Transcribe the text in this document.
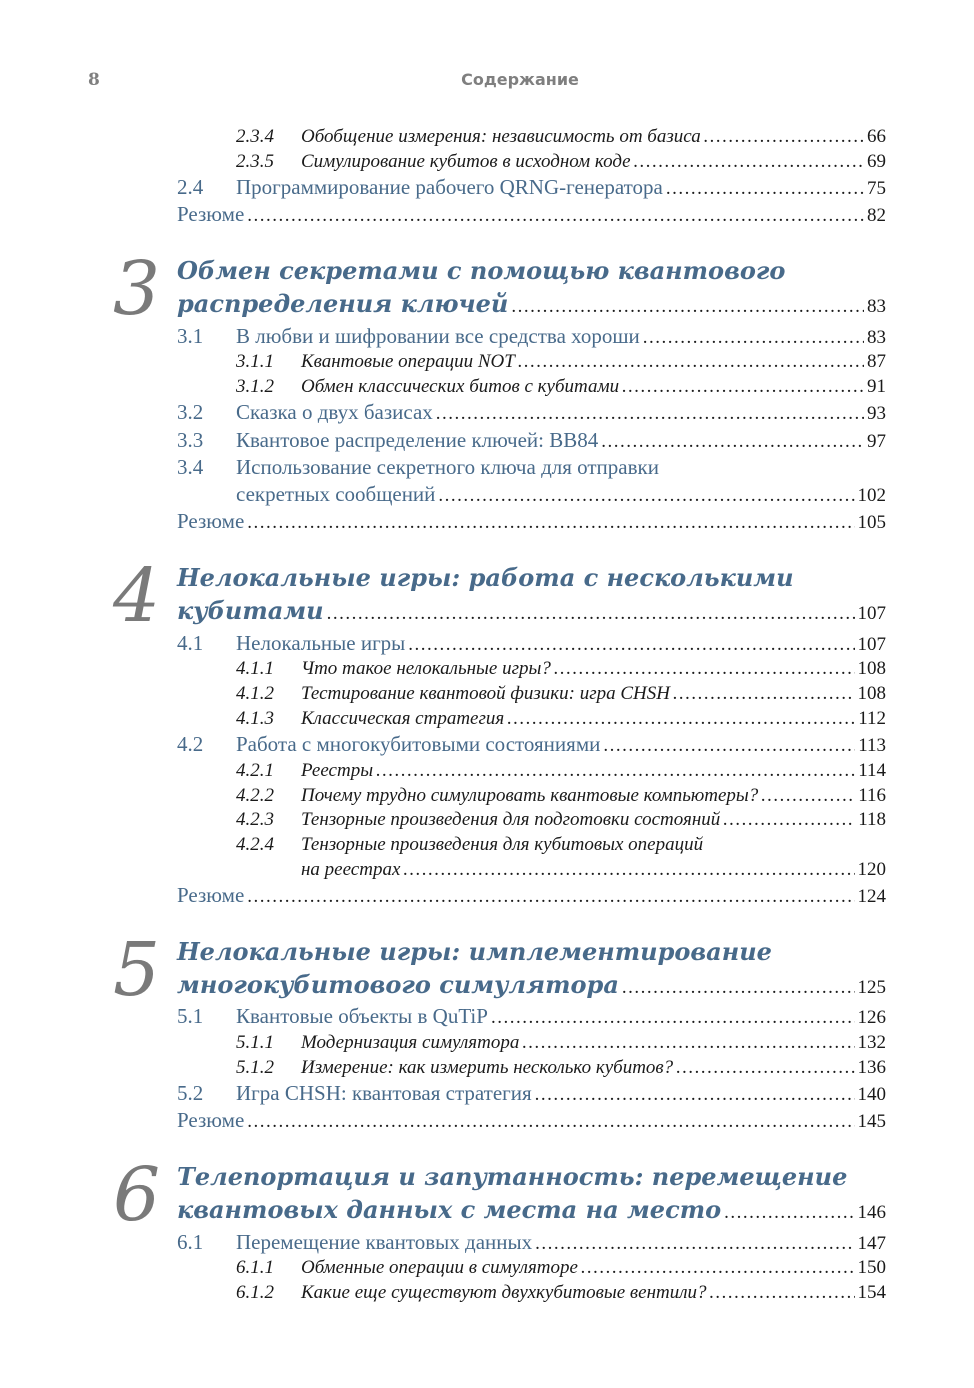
8	Содержание
2.3.4 Обобщение измерения: независимость от базиса .....	66
2.3.5 Симулирование кубитов в исходном коде .....	69
2.4 Программирование рабочего QRNG-генератора .....	75
Резюме .....	82
3 Обмен секретами с помощью квантового
распределения ключей .....	83
3.1 В любви и шифровании все средства хороши .....	83
3.1.1 Квантовые операции NOT .....	87
3.1.2 Обмен классических битов с кубитами .....	91
3.2 Сказка о двух базисах .....	93
3.3 Квантовое распределение ключей: BB84 .....	97
3.4 Использование секретного ключа для отправки
секретных сообщений .....	102
Резюме .....	105
4 Нелокальные игры: работа с несколькими
кубитами .....	107
4.1 Нелокальные игры .....	107
4.1.1 Что такое нелокальные игры? .....	108
4.1.2 Тестирование квантовой физики: игра CHSH .....	108
4.1.3 Классическая стратегия .....	112
4.2 Работа с многокубитовыми состояниями .....	113
4.2.1 Реестры .....	114
4.2.2 Почему трудно симулировать квантовые компьютеры? .....	116
4.2.3 Тензорные произведения для подготовки состояний .....	118
4.2.4 Тензорные произведения для кубитовых операций
на реестрах .....	120
Резюме .....	124
5 Нелокальные игры: имплементирование
многокубитового симулятора .....	125
5.1 Квантовые объекты в QuTiP .....	126
5.1.1 Модернизация симулятора .....	132
5.1.2 Измерение: как измерить несколько кубитов? .....	136
5.2 Игра CHSH: квантовая стратегия .....	140
Резюме .....	145
6 Телепортация и запутанность: перемещение
квантовых данных с места на место .....	146
6.1 Перемещение квантовых данных .....	147
6.1.1 Обменные операции в симуляторе .....	150
6.1.2 Какие еще существуют двухкубитовые вентили? .....	154
